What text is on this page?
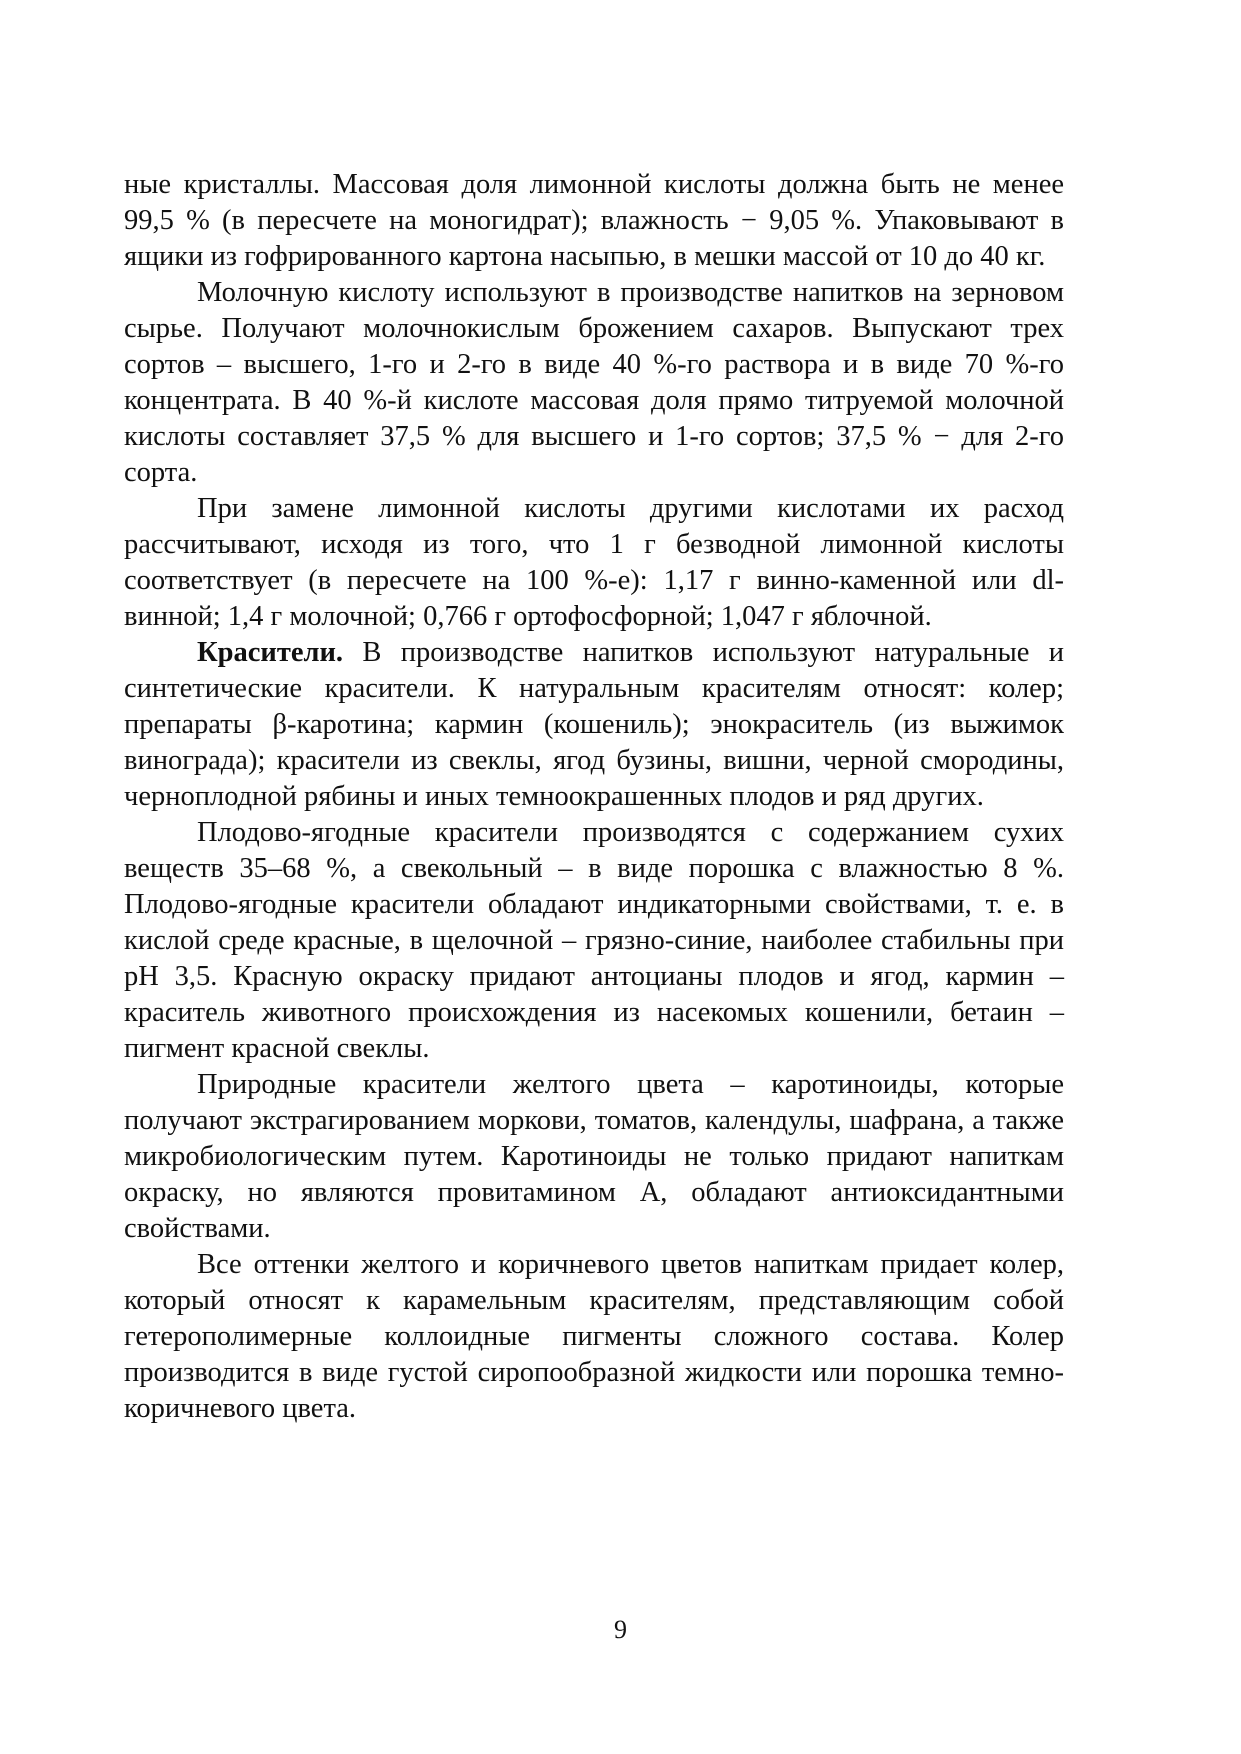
ные кристаллы. Массовая доля лимонной кислоты должна быть не менее 99,5 % (в пересчете на моногидрат); влажность − 9,05 %. Упаковывают в ящики из гофрированного картона насыпью, в мешки массой от 10 до 40 кг.

Молочную кислоту используют в производстве напитков на зерновом сырье. Получают молочнокислым брожением сахаров. Выпускают трех сортов – высшего, 1-го и 2-го в виде 40 %-го раствора и в виде 70 %-го концентрата. В 40 %-й кислоте массовая доля прямо титруемой молочной кислоты составляет 37,5 % для высшего и 1-го сортов; 37,5 % − для 2-го сорта.

При замене лимонной кислоты другими кислотами их расход рассчитывают, исходя из того, что 1 г безводной лимонной кислоты соответствует (в пересчете на 100 %-е): 1,17 г винно-каменной или dl-винной; 1,4 г молочной; 0,766 г ортофосфорной; 1,047 г яблочной.

Красители. В производстве напитков используют натуральные и синтетические красители. К натуральным красителям относят: колер; препараты β-каротина; кармин (кошениль); энокраситель (из выжимок винограда); красители из свеклы, ягод бузины, вишни, черной смородины, черноплодной рябины и иных темноокрашенных плодов и ряд других.

Плодово-ягодные красители производятся с содержанием сухих веществ 35–68 %, а свекольный – в виде порошка с влажностью 8 %. Плодово-ягодные красители обладают индикаторными свойствами, т. е. в кислой среде красные, в щелочной – грязно-синие, наиболее стабильны при рН 3,5. Красную окраску придают антоцианы плодов и ягод, кармин – краситель животного происхождения из насекомых кошенили, бетаин – пигмент красной свеклы.

Природные красители желтого цвета – каротиноиды, которые получают экстрагированием моркови, томатов, календулы, шафрана, а также микробиологическим путем. Каротиноиды не только придают напиткам окраску, но являются провитамином А, обладают антиоксидантными свойствами.

Все оттенки желтого и коричневого цветов напиткам придает колер, который относят к карамельным красителям, представляющим собой гетерополимерные коллоидные пигменты сложного состава. Колер производится в виде густой сиропообразной жидкости или порошка темно-коричневого цвета.

9
